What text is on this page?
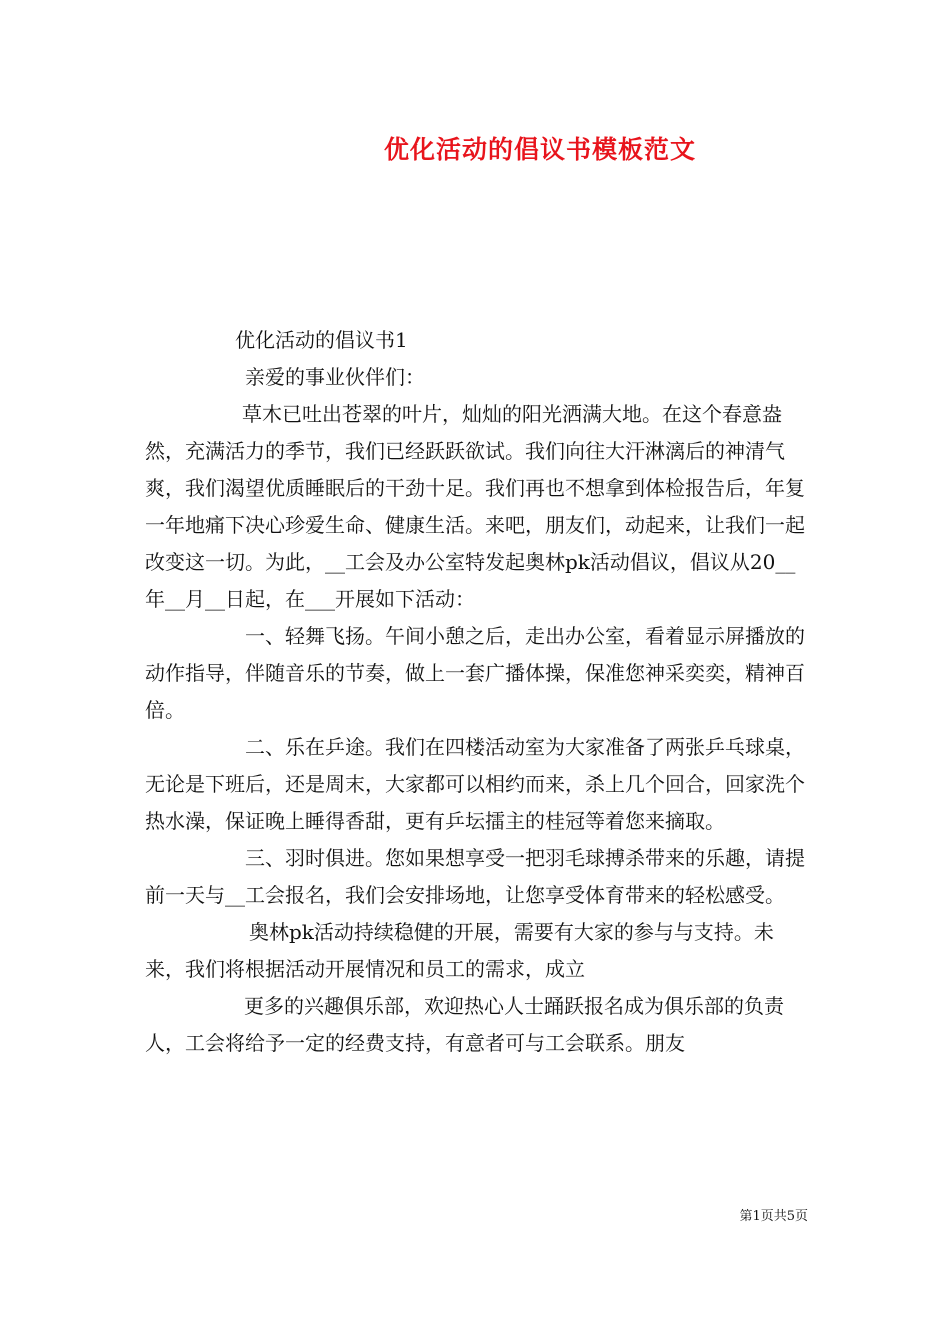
优化活动的倡议书模板范文

优化活动的倡议书1

亲爱的事业伙伴们：

草木已吐出苍翠的叶片，灿灿的阳光洒满大地。在这个春意盎然，充满活力的季节，我们已经跃跃欲试。我们向往大汗淋漓后的神清气爽，我们渴望优质睡眠后的干劲十足。我们再也不想拿到体检报告后，年复一年地痛下决心珍爱生命、健康生活。来吧，朋友们，动起来，让我们一起改变这一切。为此，__工会及办公室特发起奥林pk活动倡议，倡议从20__年__月__日起，在___开展如下活动：

一、轻舞飞扬。午间小憩之后，走出办公室，看着显示屏播放的动作指导，伴随音乐的节奏，做上一套广播体操，保准您神采奕奕，精神百倍。

二、乐在乒途。我们在四楼活动室为大家准备了两张乒乓球桌，无论是下班后，还是周末，大家都可以相约而来，杀上几个回合，回家洗个热水澡，保证晚上睡得香甜，更有乒坛擂主的桂冠等着您来摘取。

三、羽时俱进。您如果想享受一把羽毛球搏杀带来的乐趣，请提前一天与__工会报名，我们会安排场地，让您享受体育带来的轻松感受。

奥林pk活动持续稳健的开展，需要有大家的参与与支持。未来，我们将根据活动开展情况和员工的需求，成立

更多的兴趣俱乐部，欢迎热心人士踊跃报名成为俱乐部的负责人，工会将给予一定的经费支持，有意者可与工会联系。朋友

第1页共5页
